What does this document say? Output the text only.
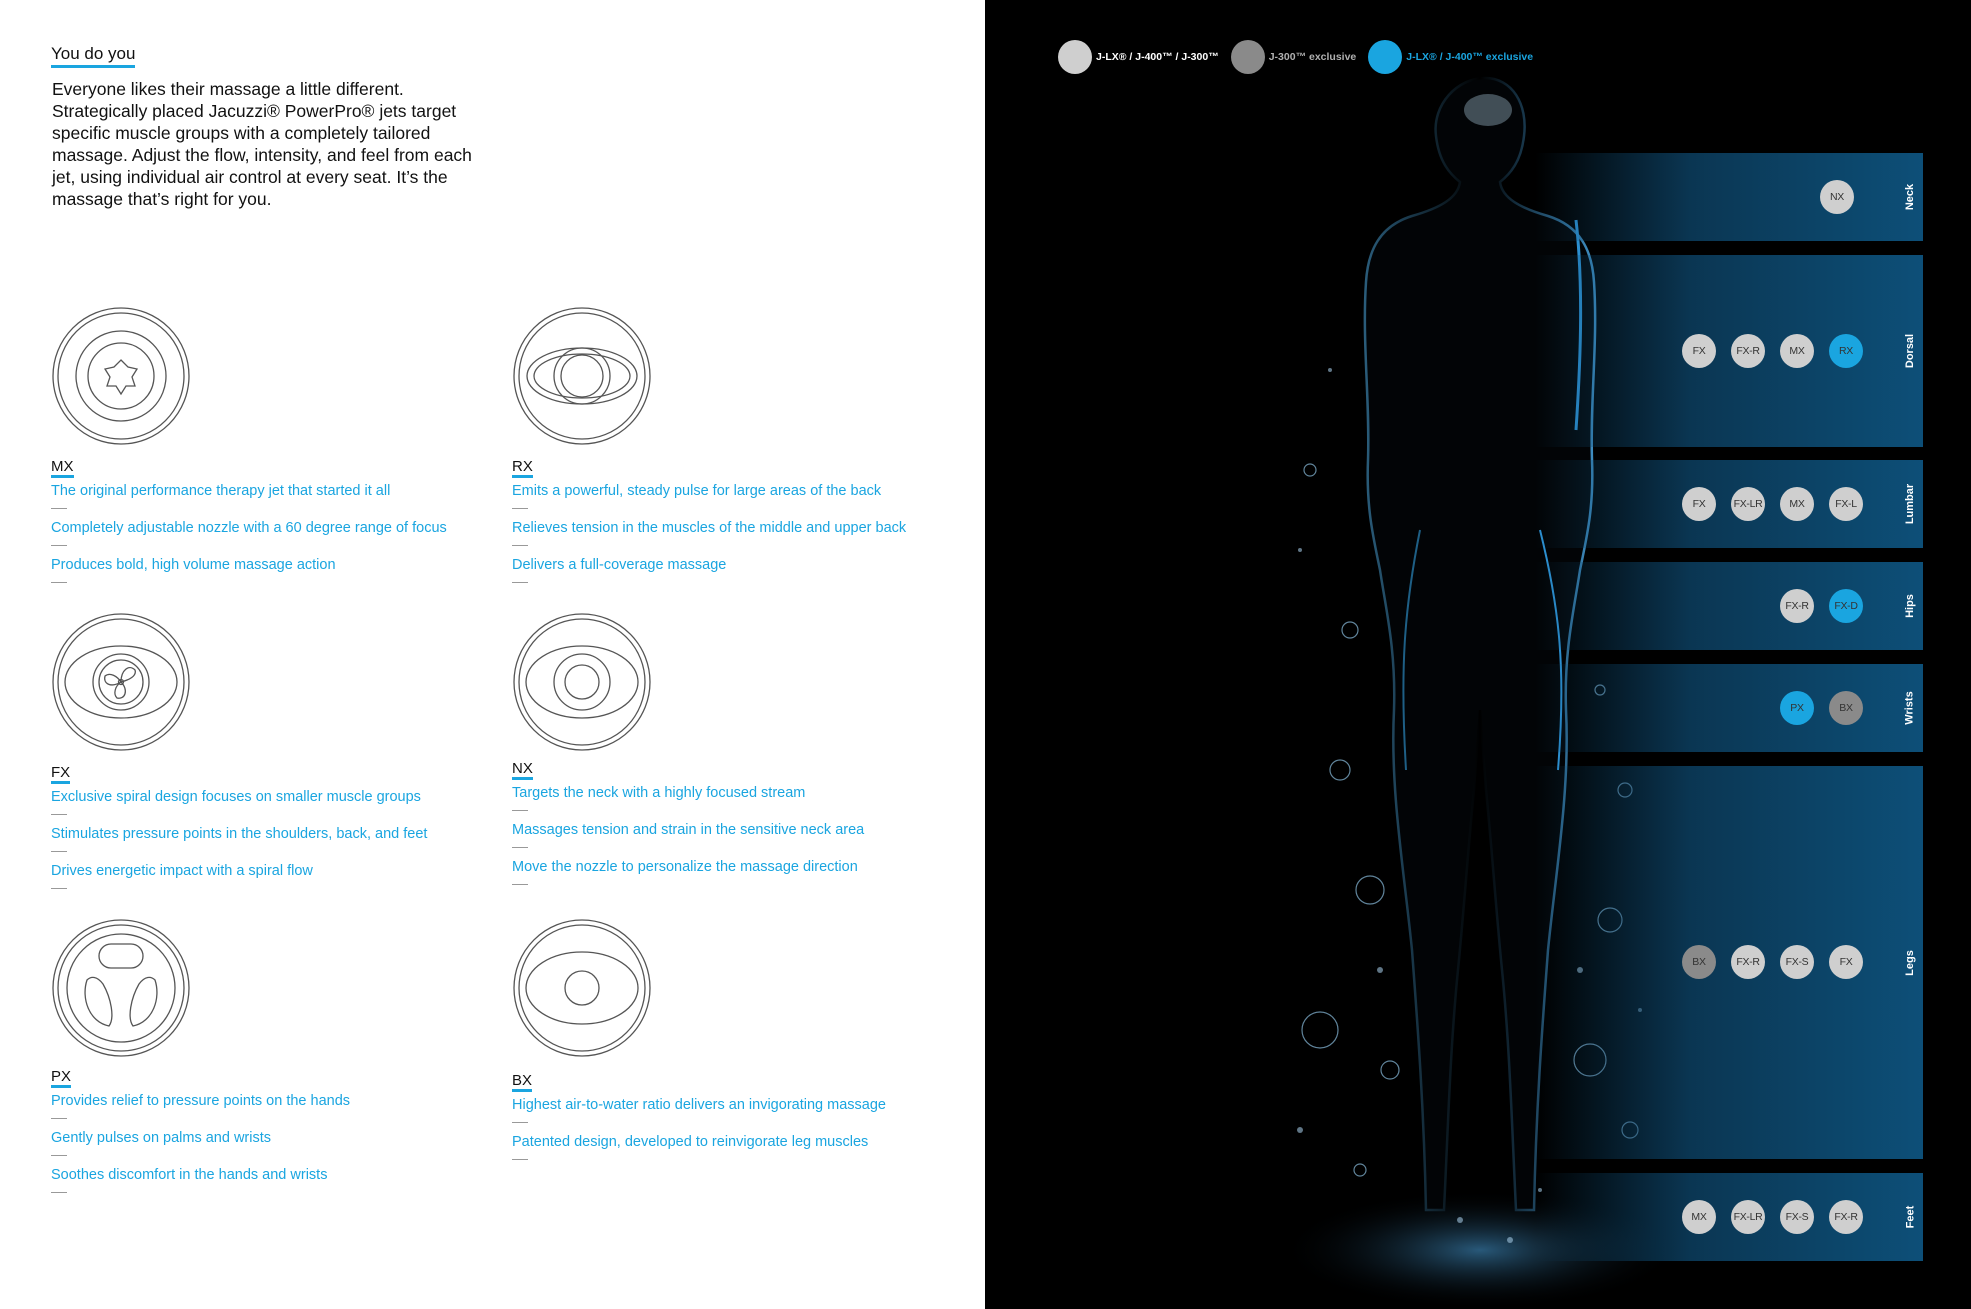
You do you
Everyone likes their massage a little different. Strategically placed Jacuzzi® PowerPro® jets target specific muscle groups with a completely tailored massage. Adjust the flow, intensity, and feel from each jet, using individual air control at every seat. It’s the massage that’s right for you.
MX
The original performance therapy jet that started it all
Completely adjustable nozzle with a 60 degree range of focus
Produces bold, high volume massage action
RX
Emits a powerful, steady pulse for large areas of the back
Relieves tension in the muscles of the middle and upper back
Delivers a full-coverage massage
FX
Exclusive spiral design focuses on smaller muscle groups
Stimulates pressure points in the shoulders, back, and feet
Drives energetic impact with a spiral flow
NX
Targets the neck with a highly focused stream
Massages tension and strain in the sensitive neck area
Move the nozzle to personalize the massage direction
PX
Provides relief to pressure points on the hands
Gently pulses on palms and wrists
Soothes discomfort in the hands and wrists
BX
Highest air-to-water ratio delivers an invigorating massage
Patented design, developed to reinvigorate leg muscles
J-LX® / J-400™ / J-300™	J-300™ exclusive	J-LX® / J-400™ exclusive
NX	Neck
FX	FX-R	MX	RX	Dorsal
FX	FX-LR	MX	FX-L	Lumbar
FX-R	FX-D	Hips
PX	BX	Wrists
BX	FX-R	FX-S	FX	Legs
MX	FX-LR	FX-S	FX-R	Feet
